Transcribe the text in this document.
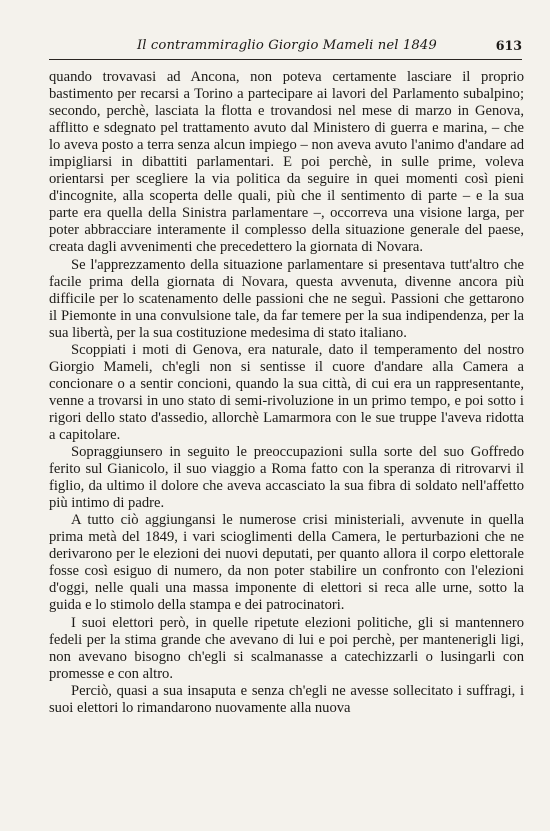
Il contrammiraglio Giorgio Mameli nel 1849	613

quando trovavasi ad Ancona, non poteva certamente lasciare il proprio bastimento per recarsi a Torino a partecipare ai lavori del Parlamento subalpino; secondo, perchè, lasciata la flotta e trovandosi nel mese di marzo in Genova, afflitto e sdegnato pel trattamento avuto dal Ministero di guerra e marina, – che lo aveva posto a terra senza alcun impiego – non aveva avuto l'animo d'andare ad impigliarsi in dibattiti parlamentari. E poi perchè, in sulle prime, voleva orientarsi per scegliere la via politica da seguire in quei momenti così pieni d'incognite, alla scoperta delle quali, più che il sentimento di parte – e la sua parte era quella della Sinistra parlamentare –, occorreva una visione larga, per poter abbracciare interamente il complesso della situazione generale del paese, creata dagli avvenimenti che precedettero la giornata di Novara.

Se l'apprezzamento della situazione parlamentare si presentava tutt'altro che facile prima della giornata di Novara, questa avvenuta, divenne ancora più difficile per lo scatenamento delle passioni che ne seguì. Passioni che gettarono il Piemonte in una convulsione tale, da far temere per la sua indipendenza, per la sua libertà, per la sua costituzione medesima di stato italiano.

Scoppiati i moti di Genova, era naturale, dato il temperamento del nostro Giorgio Mameli, ch'egli non si sentisse il cuore d'andare alla Camera a concionare o a sentir concioni, quando la sua città, di cui era un rappresentante, venne a trovarsi in uno stato di semi-rivoluzione in un primo tempo, e poi sotto i rigori dello stato d'assedio, allorchè Lamarmora con le sue truppe l'aveva ridotta a capitolare.

Sopraggiunsero in seguito le preoccupazioni sulla sorte del suo Goffredo ferito sul Gianicolo, il suo viaggio a Roma fatto con la speranza di ritrovarvi il figlio, da ultimo il dolore che aveva accasciato la sua fibra di soldato nell'affetto più intimo di padre.

A tutto ciò aggiungansi le numerose crisi ministeriali, avvenute in quella prima metà del 1849, i vari scioglimenti della Camera, le perturbazioni che ne derivarono per le elezioni dei nuovi deputati, per quanto allora il corpo elettorale fosse così esiguo di numero, da non poter stabilire un confronto con l'elezioni d'oggi, nelle quali una massa imponente di elettori si reca alle urne, sotto la guida e lo stimolo della stampa e dei patrocinatori.

I suoi elettori però, in quelle ripetute elezioni politiche, gli si mantennero fedeli per la stima grande che avevano di lui e poi perchè, per mantenerigli ligi, non avevano bisogno ch'egli si scalmanasse a catechizzarli o lusingarli con promesse e con altro.

Perciò, quasi a sua insaputa e senza ch'egli ne avesse sollecitato i suffragi, i suoi elettori lo rimandarono nuovamente alla nuova
